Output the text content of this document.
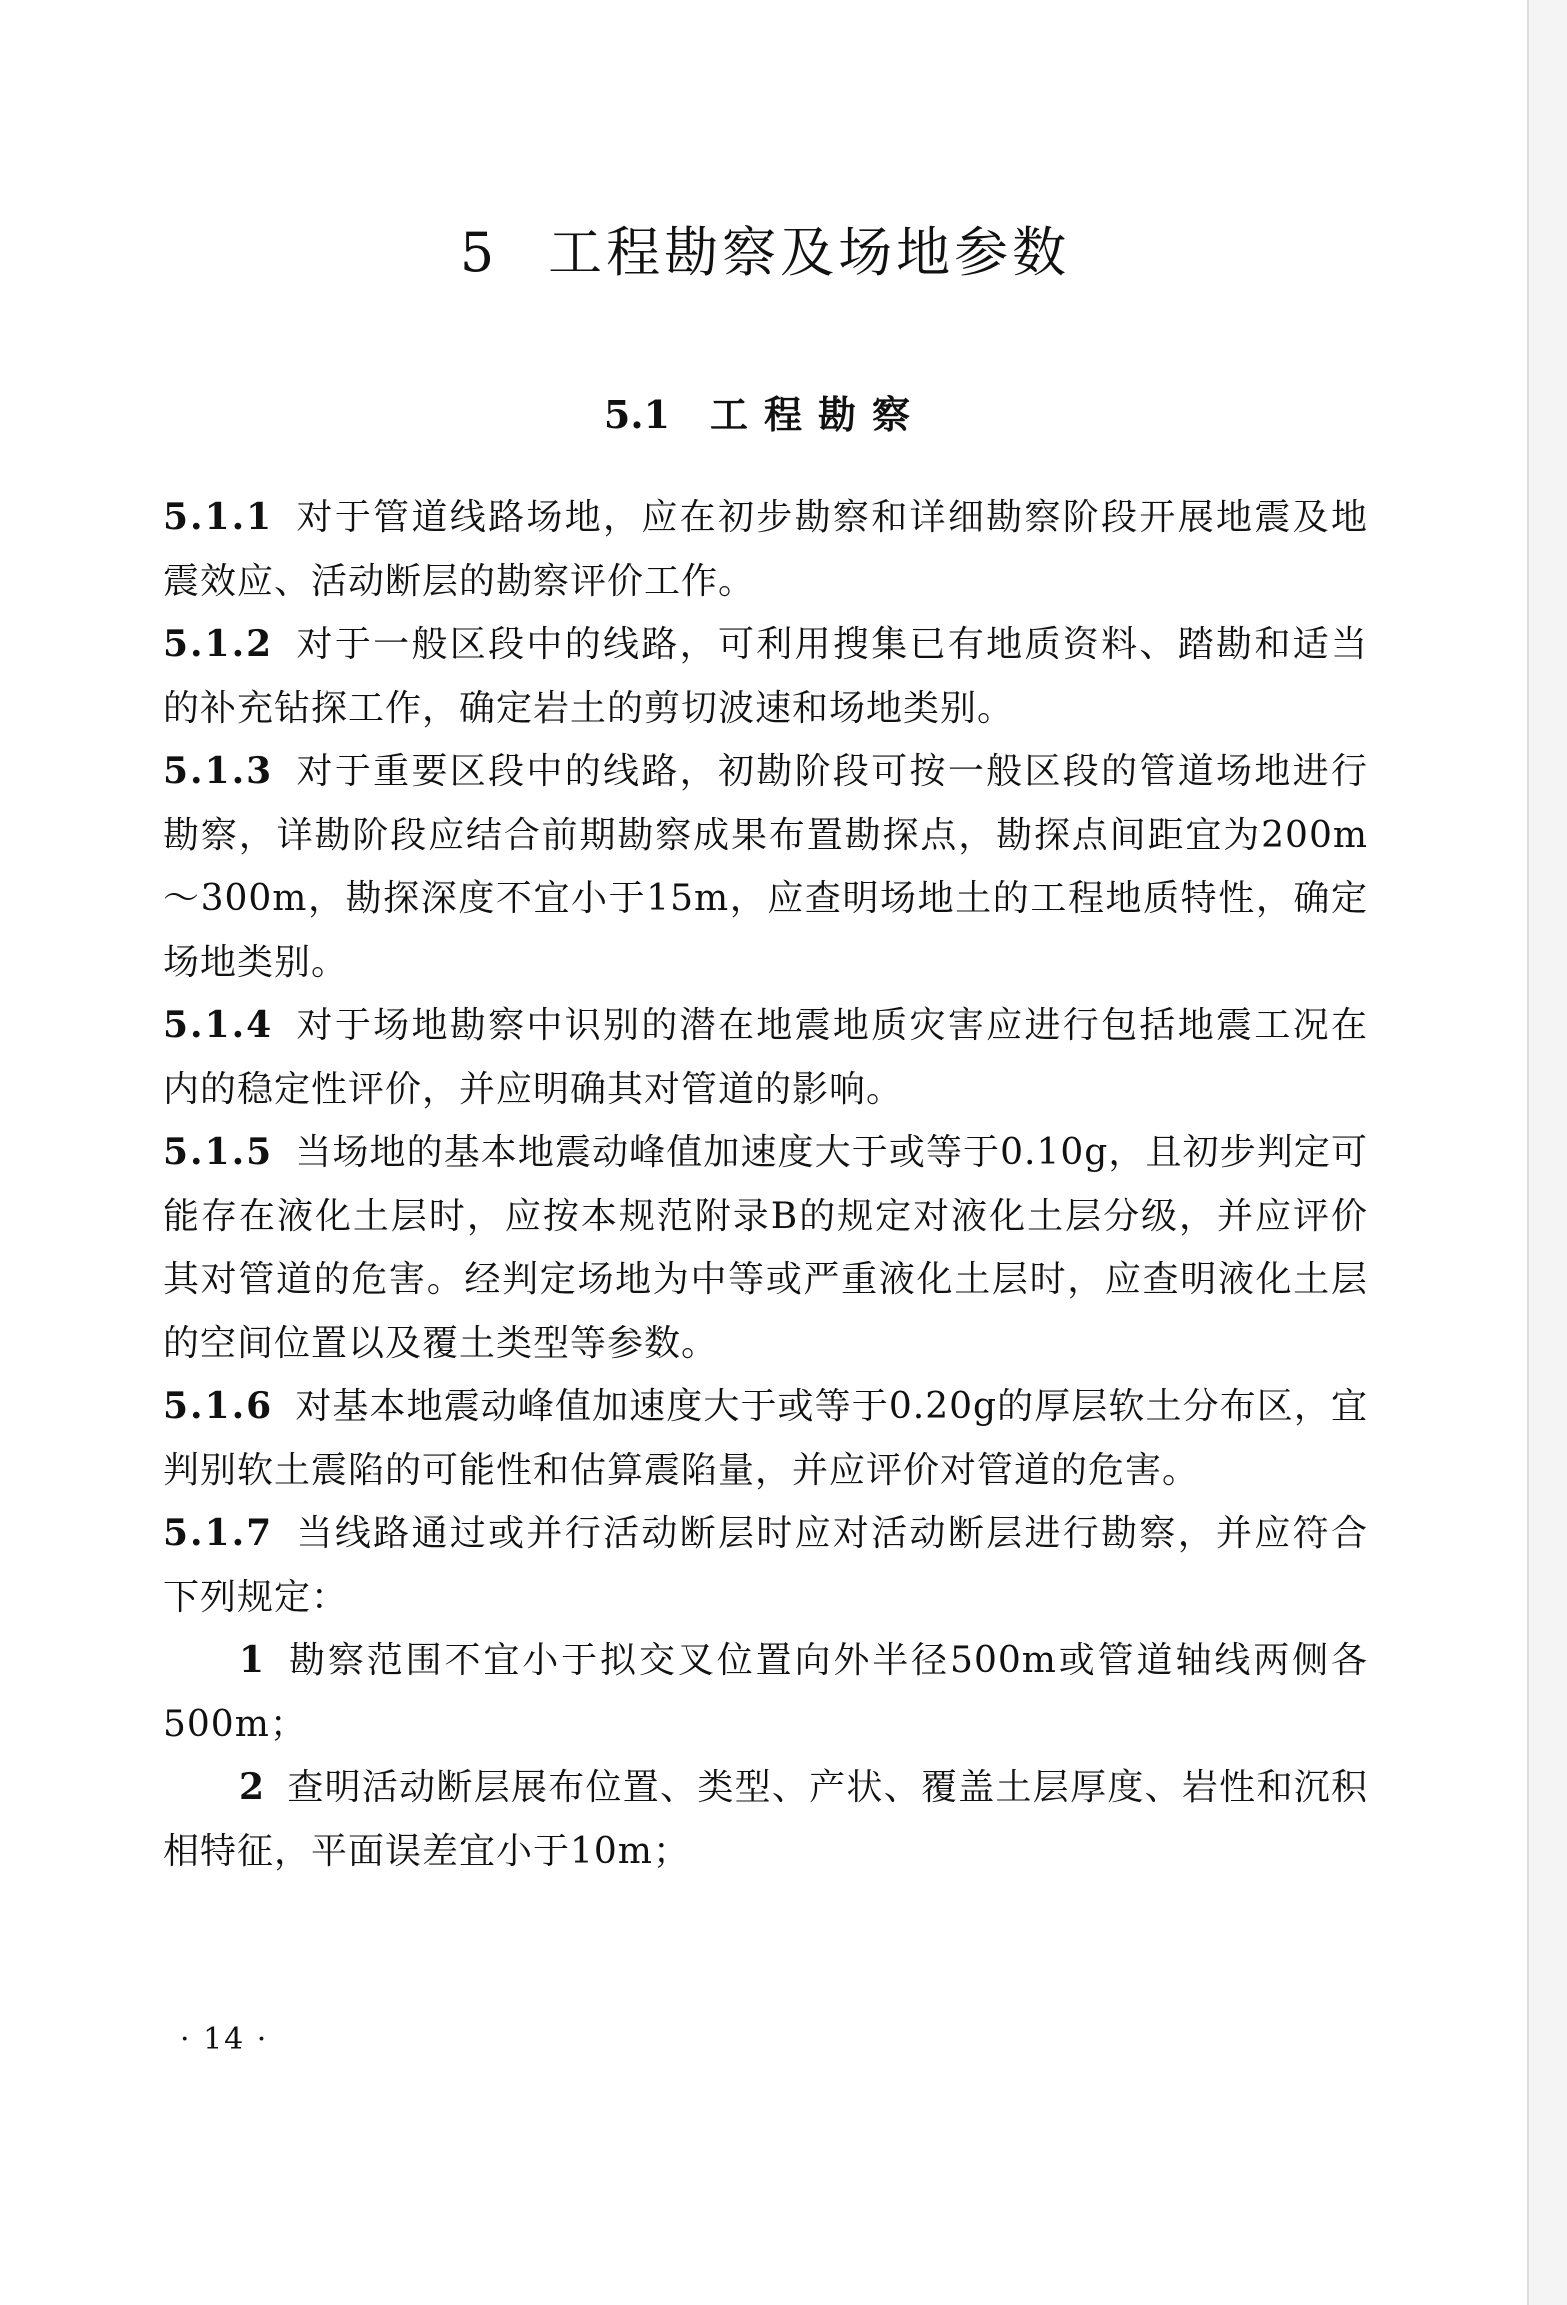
5 工程勘察及场地参数
5.1 工程勘察

5.1.1 对于管道线路场地，应在初步勘察和详细勘察阶段开展地震及地震效应、活动断层的勘察评价工作。

5.1.2 对于一般区段中的线路，可利用搜集已有地质资料、踏勘和适当的补充钻探工作，确定岩土的剪切波速和场地类别。

5.1.3 对于重要区段中的线路，初勘阶段可按一般区段的管道场地进行勘察，详勘阶段应结合前期勘察成果布置勘探点，勘探点间距宜为200m～300m，勘探深度不宜小于15m，应查明场地土的工程地质特性，确定场地类别。

5.1.4 对于场地勘察中识别的潜在地震地质灾害应进行包括地震工况在内的稳定性评价，并应明确其对管道的影响。

5.1.5 当场地的基本地震动峰值加速度大于或等于0.10g，且初步判定可能存在液化土层时，应按本规范附录B的规定对液化土层分级，并应评价其对管道的危害。经判定场地为中等或严重液化土层时，应查明液化土层的空间位置以及覆土类型等参数。

5.1.6 对基本地震动峰值加速度大于或等于0.20g的厚层软土分布区，宜判别软土震陷的可能性和估算震陷量，并应评价对管道的危害。

5.1.7 当线路通过或并行活动断层时应对活动断层进行勘察，并应符合下列规定：

1 勘察范围不宜小于拟交叉位置向外半径500m或管道轴线两侧各500m；

2 查明活动断层展布位置、类型、产状、覆盖土层厚度、岩性和沉积相特征，平面误差宜小于10m；

· 14 ·
